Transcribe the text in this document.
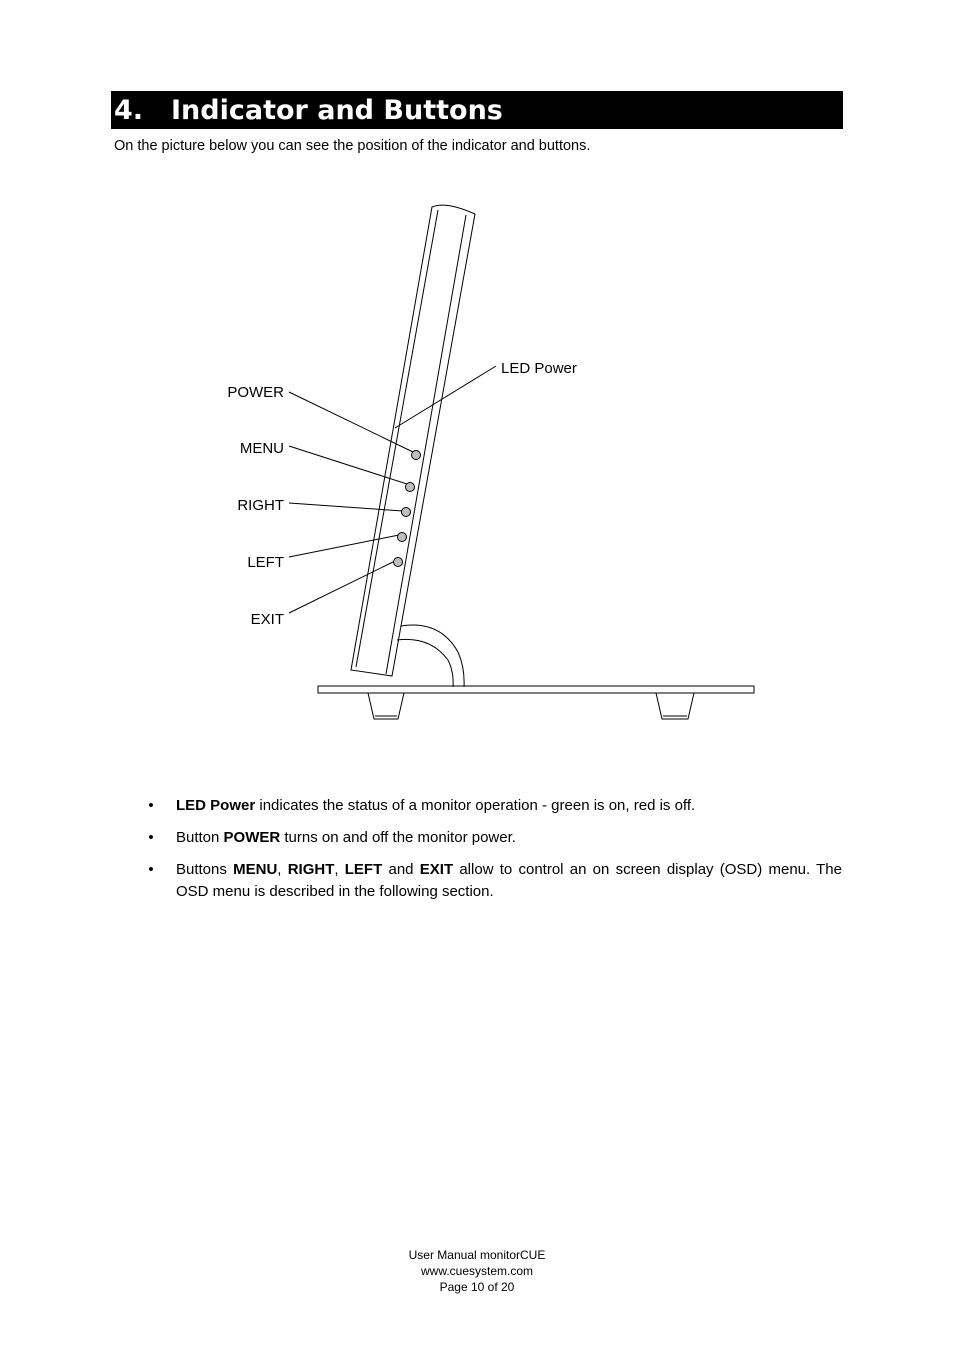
4.	Indicator and Buttons

On the picture below you can see the position of the indicator and buttons.

LED Power
POWER
MENU
RIGHT
LEFT
EXIT
• LED Power indicates the status of a monitor operation - green is on, red is off.
• Button POWER turns on and off the monitor power.
• Buttons MENU, RIGHT, LEFT and EXIT allow to control an on screen display (OSD) menu. The OSD menu is described in the following section.
User Manual monitorCUE
www.cuesystem.com
Page 10 of 20
